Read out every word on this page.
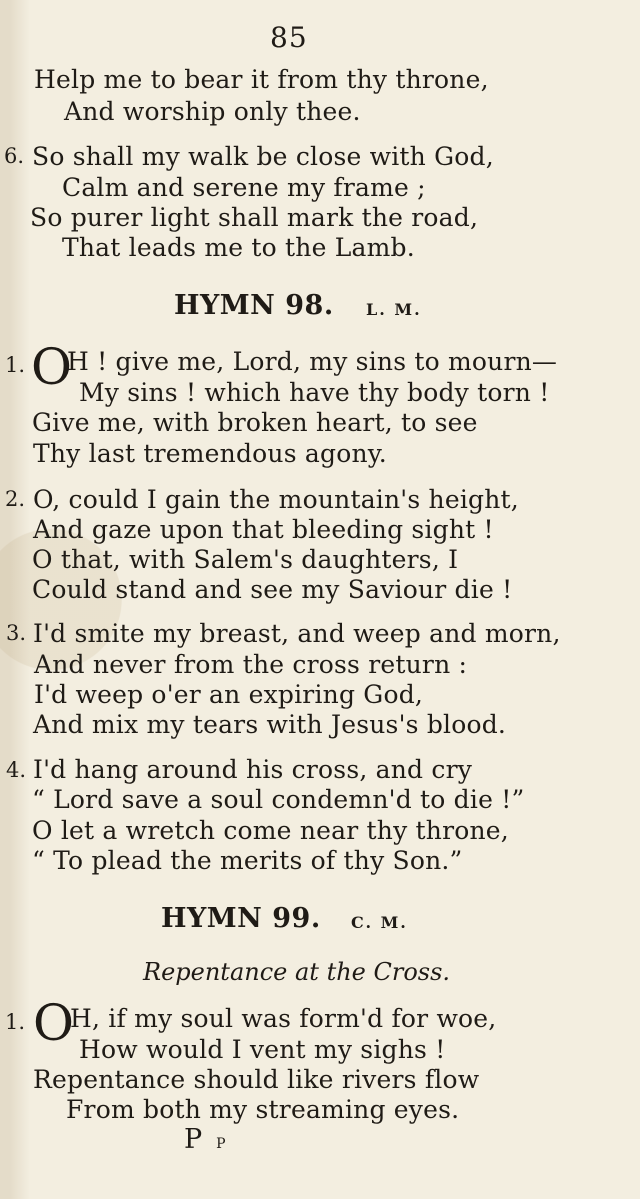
85
Help me to bear it from thy throne,
And worship only thee.
6. So shall my walk be close with God,
Calm and serene my frame ;
So purer light shall mark the road,
That leads me to the Lamb.
HYMN 98. L. M.
1. O
H ! give me, Lord, my sins to mourn—
My sins ! which have thy body torn !
Give me, with broken heart, to see
Thy last tremendous agony.
2. O, could I gain the mountain's height,
And gaze upon that bleeding sight !
O that, with Salem's daughters, I
Could stand and see my Saviour die !
3. I'd smite my breast, and weep and morn,
And never from the cross return :
I'd weep o'er an expiring God,
And mix my tears with Jesus's blood.
4. I'd hang around his cross, and cry
“ Lord save a soul condemn'd to die !”
O let a wretch come near thy throne,
“ To plead the merits of thy Son.”
HYMN 99. C. M.
Repentance at the Cross.
1. O
H, if my soul was form'd for woe,
How would I vent my sighs !
Repentance should like rivers flow
From both my streaming eyes.
PP
